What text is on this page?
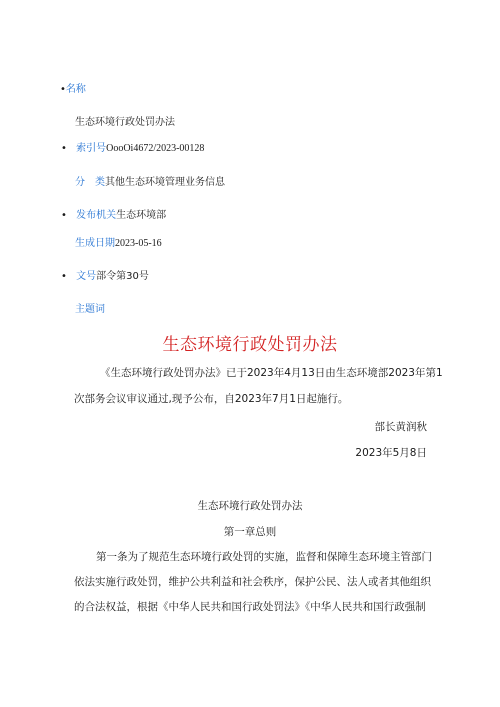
•名称
生态环境行政处罚办法
• 索引号OooOi4672/2023-00128
分　类其他生态环境管理业务信息
• 发布机关生态环境部
生成日期2023-05-16
• 文号部令第30号
主题词
生态环境行政处罚办法
《生态环境行政处罚办法》已于2023年4月13日由生态环境部2023年第1
次部务会议审议通过,现予公布，自2023年7月1日起施行。
部长黄润秋
2023年5月8日
生态环境行政处罚办法
第一章总则
第一条为了规范生态环境行政处罚的实施，监督和保障生态环境主管部门
依法实施行政处罚，维护公共利益和社会秩序，保护公民、法人或者其他组织
的合法权益，根据《中华人民共和国行政处罚法》《中华人民共和国行政强制
